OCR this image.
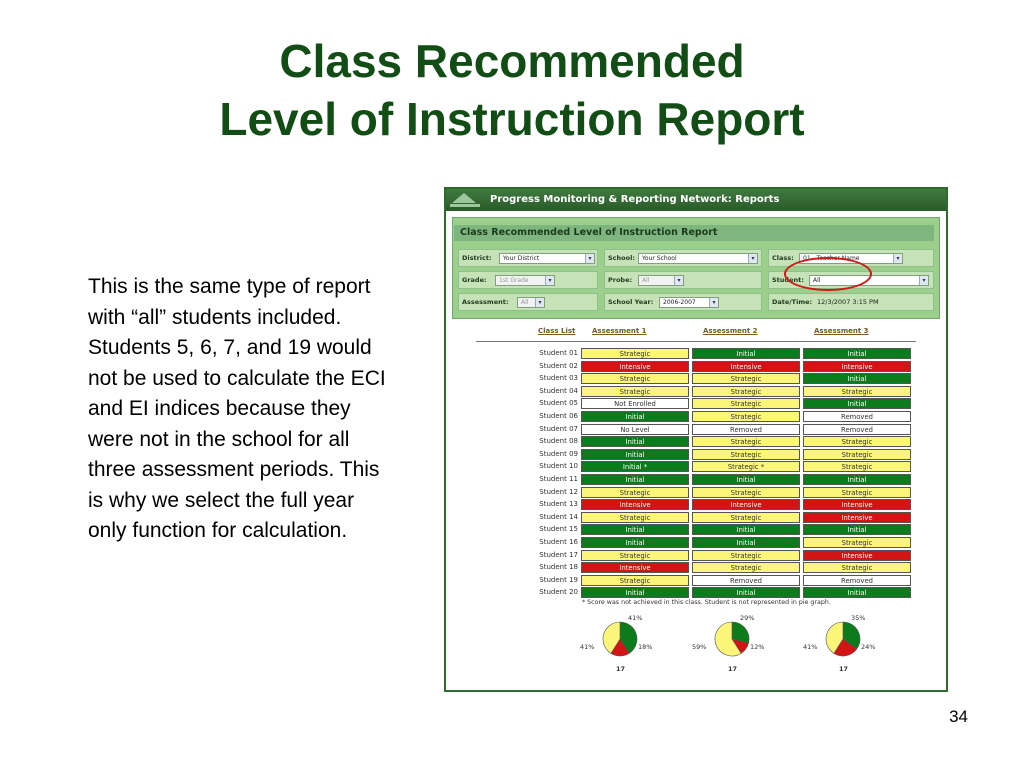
Class Recommended
Level of Instruction Report
This is the same type of report with “all” students included. Students 5, 6, 7, and 19 would not be used to calculate the ECI and EI indices because they were not in the school for all three assessment periods. This is why we select the full year only function for calculation.
34
Progress Monitoring & Reporting Network: Reports
Class Recommended Level of Instruction Report
District:	Your District	▾	School:	Your School	▾	Class:	01 - Teacher Name	▾
Grade:	1st Grade	▾	Probe:	All	▾	Student:	All	▾
Assessment:	All	▾	School Year:	2006-2007	▾	Date/Time: 12/3/2007 3:15 PM
Class List Assessment 1	Assessment 2	Assessment 3
Student 01	Strategic	Initial	Initial
Student 02	Intensive	Intensive	Intensive
Student 03	Strategic	Strategic	Initial
Student 04	Strategic	Strategic	Strategic
Student 05	Not Enrolled	Strategic	Initial
Student 06	Initial	Strategic	Removed
Student 07	No Level	Removed	Removed
Student 08	Initial	Strategic	Strategic
Student 09	Initial	Strategic	Strategic
Student 10	Initial *	Strategic *	Strategic
Student 11	Initial	Initial	Initial
Student 12	Strategic	Strategic	Strategic
Student 13	Intensive	Intensive	Intensive
Student 14	Strategic	Strategic	Intensive
Student 15	Initial	Initial	Initial
Student 16	Initial	Initial	Strategic
Student 17	Strategic	Strategic	Intensive
Student 18	Intensive	Strategic	Strategic
Student 19	Strategic	Removed	Removed
Student 20	Initial	Initial	Initial
* Score was not achieved in this class. Student is not represented in pie graph.
41%
41%	18%
17
29%
59%	12%
17
35%
41%	24%
17
